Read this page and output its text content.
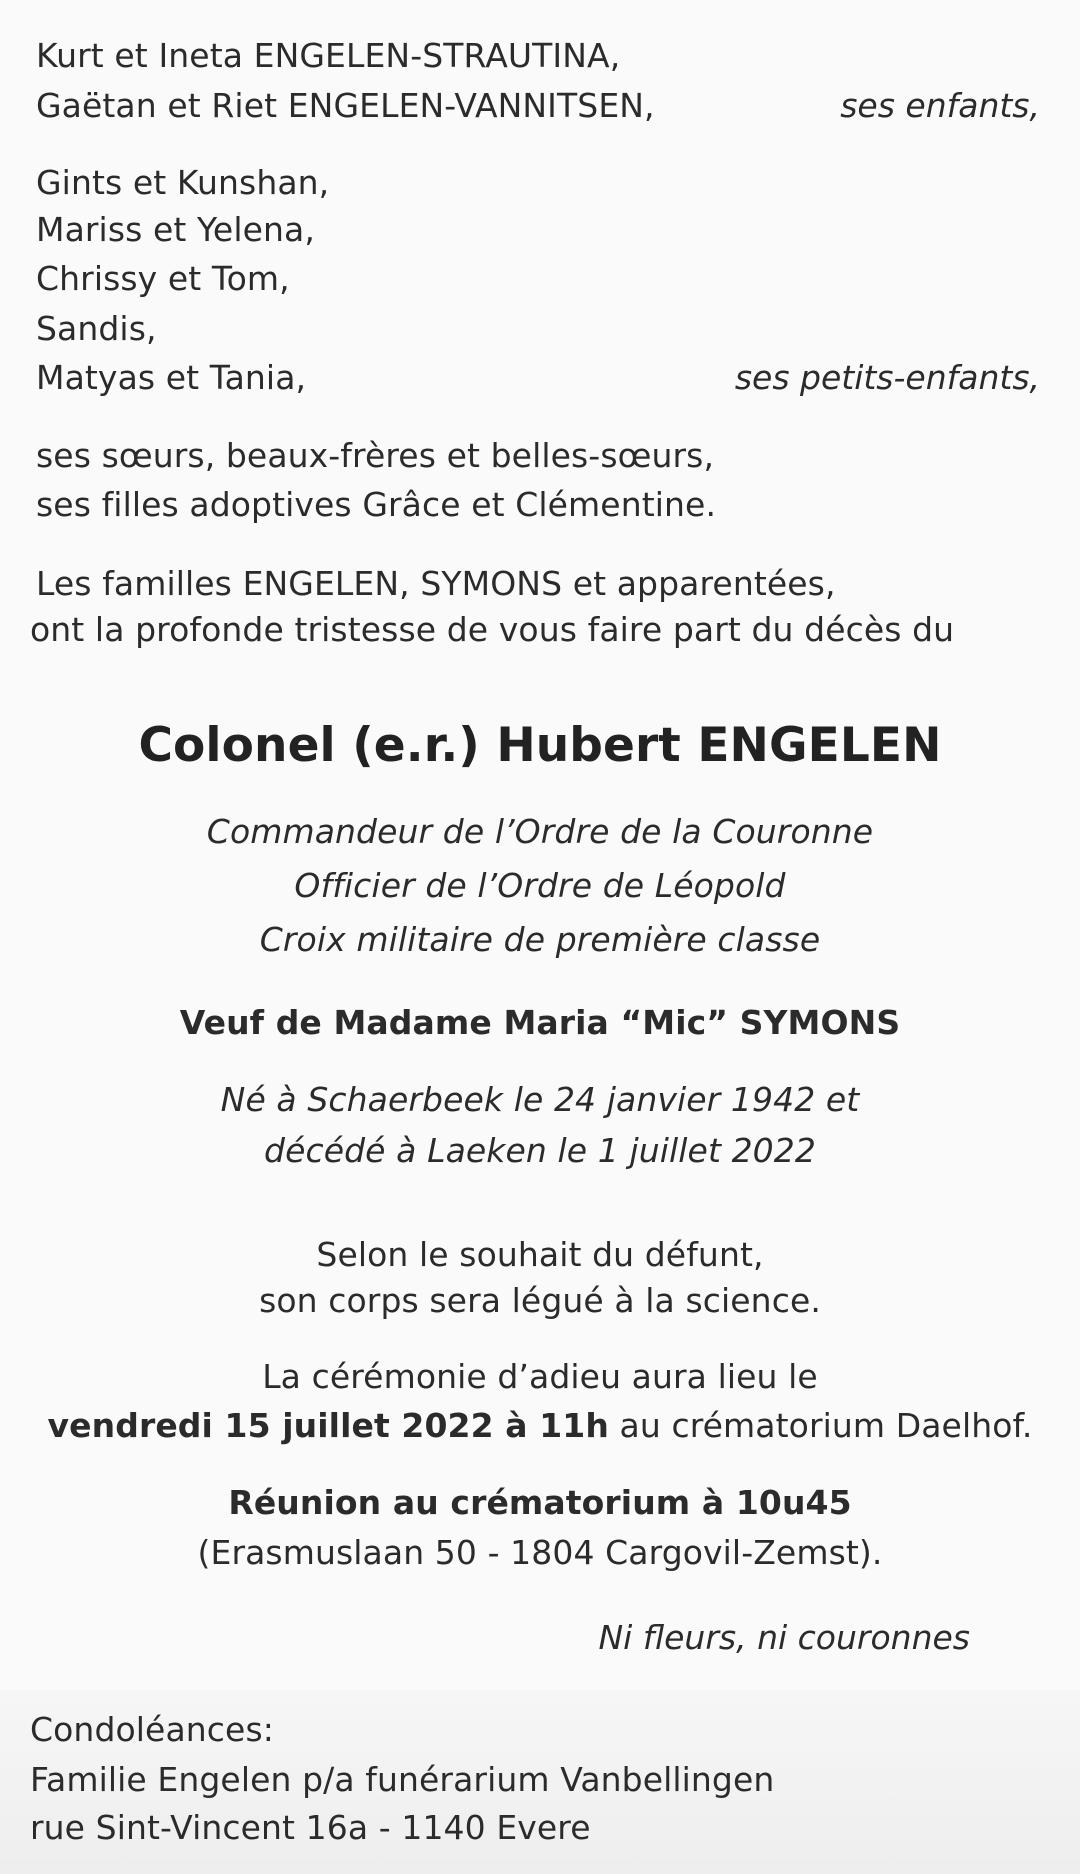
Kurt et Ineta ENGELEN-STRAUTINA,
Gaëtan et Riet ENGELEN-VANNITSEN,	ses enfants,
Gints et Kunshan,
Mariss et Yelena,
Chrissy et Tom,
Sandis,
Matyas et Tania,	ses petits-enfants,
ses sœurs, beaux-frères et belles-sœurs,
ses filles adoptives Grâce et Clémentine.
Les familles ENGELEN, SYMONS et apparentées,
ont la profonde tristesse de vous faire part du décès du
Colonel (e.r.) Hubert ENGELEN
Commandeur de l’Ordre de la Couronne
Officier de l’Ordre de Léopold
Croix militaire de première classe
Veuf de Madame Maria “Mic” SYMONS
Né à Schaerbeek le 24 janvier 1942 et
décédé à Laeken le 1 juillet 2022
Selon le souhait du défunt,
son corps sera légué à la science.
La cérémonie d’adieu aura lieu le
vendredi 15 juillet 2022 à 11h au crématorium Daelhof.
Réunion au crématorium à 10u45
(Erasmuslaan 50 - 1804 Cargovil-Zemst).
Ni fleurs, ni couronnes
Condoléances:
Familie Engelen p/a funérarium Vanbellingen
rue Sint-Vincent 16a - 1140 Evere
